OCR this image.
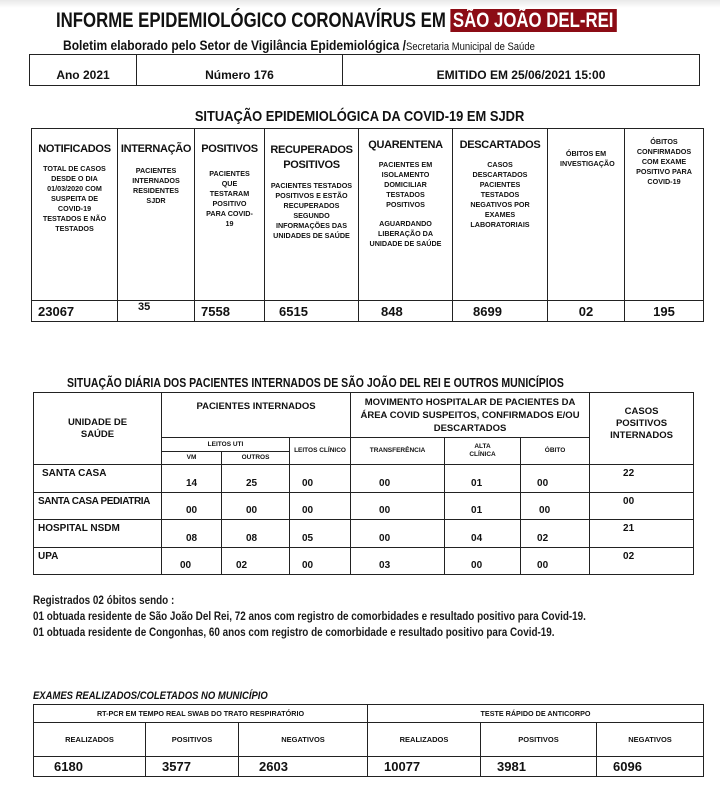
INFORME EPIDEMIOLÓGICO CORONAVÍRUS EM SÃO JOÃO DEL-REI
Boletim elaborado pelo Setor de Vigilância Epidemiológica /Secretaria Municipal de Saúde
Ano 2021	Número 176	EMITIDO EM 25/06/2021 15:00
SITUAÇÃO EPIDEMIOLÓGICA DA COVID-19 EM SJDR
NOTIFICADOS
TOTAL DE CASOS DESDE O DIA 01/03/2020 COM SUSPEITA DE COVID-19 TESTADOS E NÃO TESTADOS

INTERNAÇÃO
PACIENTES INTERNADOS RESIDENTES SJDR

POSITIVOS
PACIENTES QUE TESTARAM POSITIVO PARA COVID-19

RECUPERADOS POSITIVOS
PACIENTES TESTADOS POSITIVOS E ESTÃO RECUPERADOS SEGUNDO INFORMAÇÕES DAS UNIDADES DE SAÚDE

QUARENTENA
PACIENTES EM ISOLAMENTO DOMICILIAR TESTADOS POSITIVOS
AGUARDANDO LIBERAÇÃO DA UNIDADE DE SAÚDE

DESCARTADOS
CASOS DESCARTADOS PACIENTES TESTADOS NEGATIVOS POR EXAMES LABORATORIAIS

ÓBITOS EM INVESTIGAÇÃO

ÓBITOS CONFIRMADOS COM EXAME POSITIVO PARA COVID-19

23067	35	7558	6515	848	8699	02	195
SITUAÇÃO DIÁRIA DOS PACIENTES INTERNADOS DE SÃO JOÃO DEL REI E OUTROS MUNICÍPIOS
UNIDADE DE SAÚDE	PACIENTES INTERNADOS			MOVIMENTO HOSPITALAR DE PACIENTES DA ÁREA COVID SUSPEITOS, CONFIRMADOS E/OU DESCARTADOS			CASOS POSITIVOS INTERNADOS
	LEITOS UTI		LEITOS CLÍNICO	TRANSFERÊNCIA	ALTA CLÍNICA	ÓBITO	
	VM	OUTROS					
SANTA CASA	14	25	00	00	01	00	22
SANTA CASA PEDIATRIA	00	00	00	00	01	00	00
HOSPITAL NSDM	08	08	05	00	04	02	21
UPA	00	02	00	03	00	00	02
Registrados 02 óbitos sendo :
01 obtuada residente de São João Del Rei, 72 anos com registro de comorbidades e resultado positivo para Covid-19.
01 obtuada residente de Congonhas, 60 anos com registro de comorbidade e resultado positivo para Covid-19.
EXAMES REALIZADOS/COLETADOS NO MUNICÍPIO
RT-PCR EM TEMPO REAL SWAB DO TRATO RESPIRATÓRIO			TESTE RÁPIDO DE ANTICORPO		
REALIZADOS	POSITIVOS	NEGATIVOS	REALIZADOS	POSITIVOS	NEGATIVOS
6180	3577	2603	10077	3981	6096
